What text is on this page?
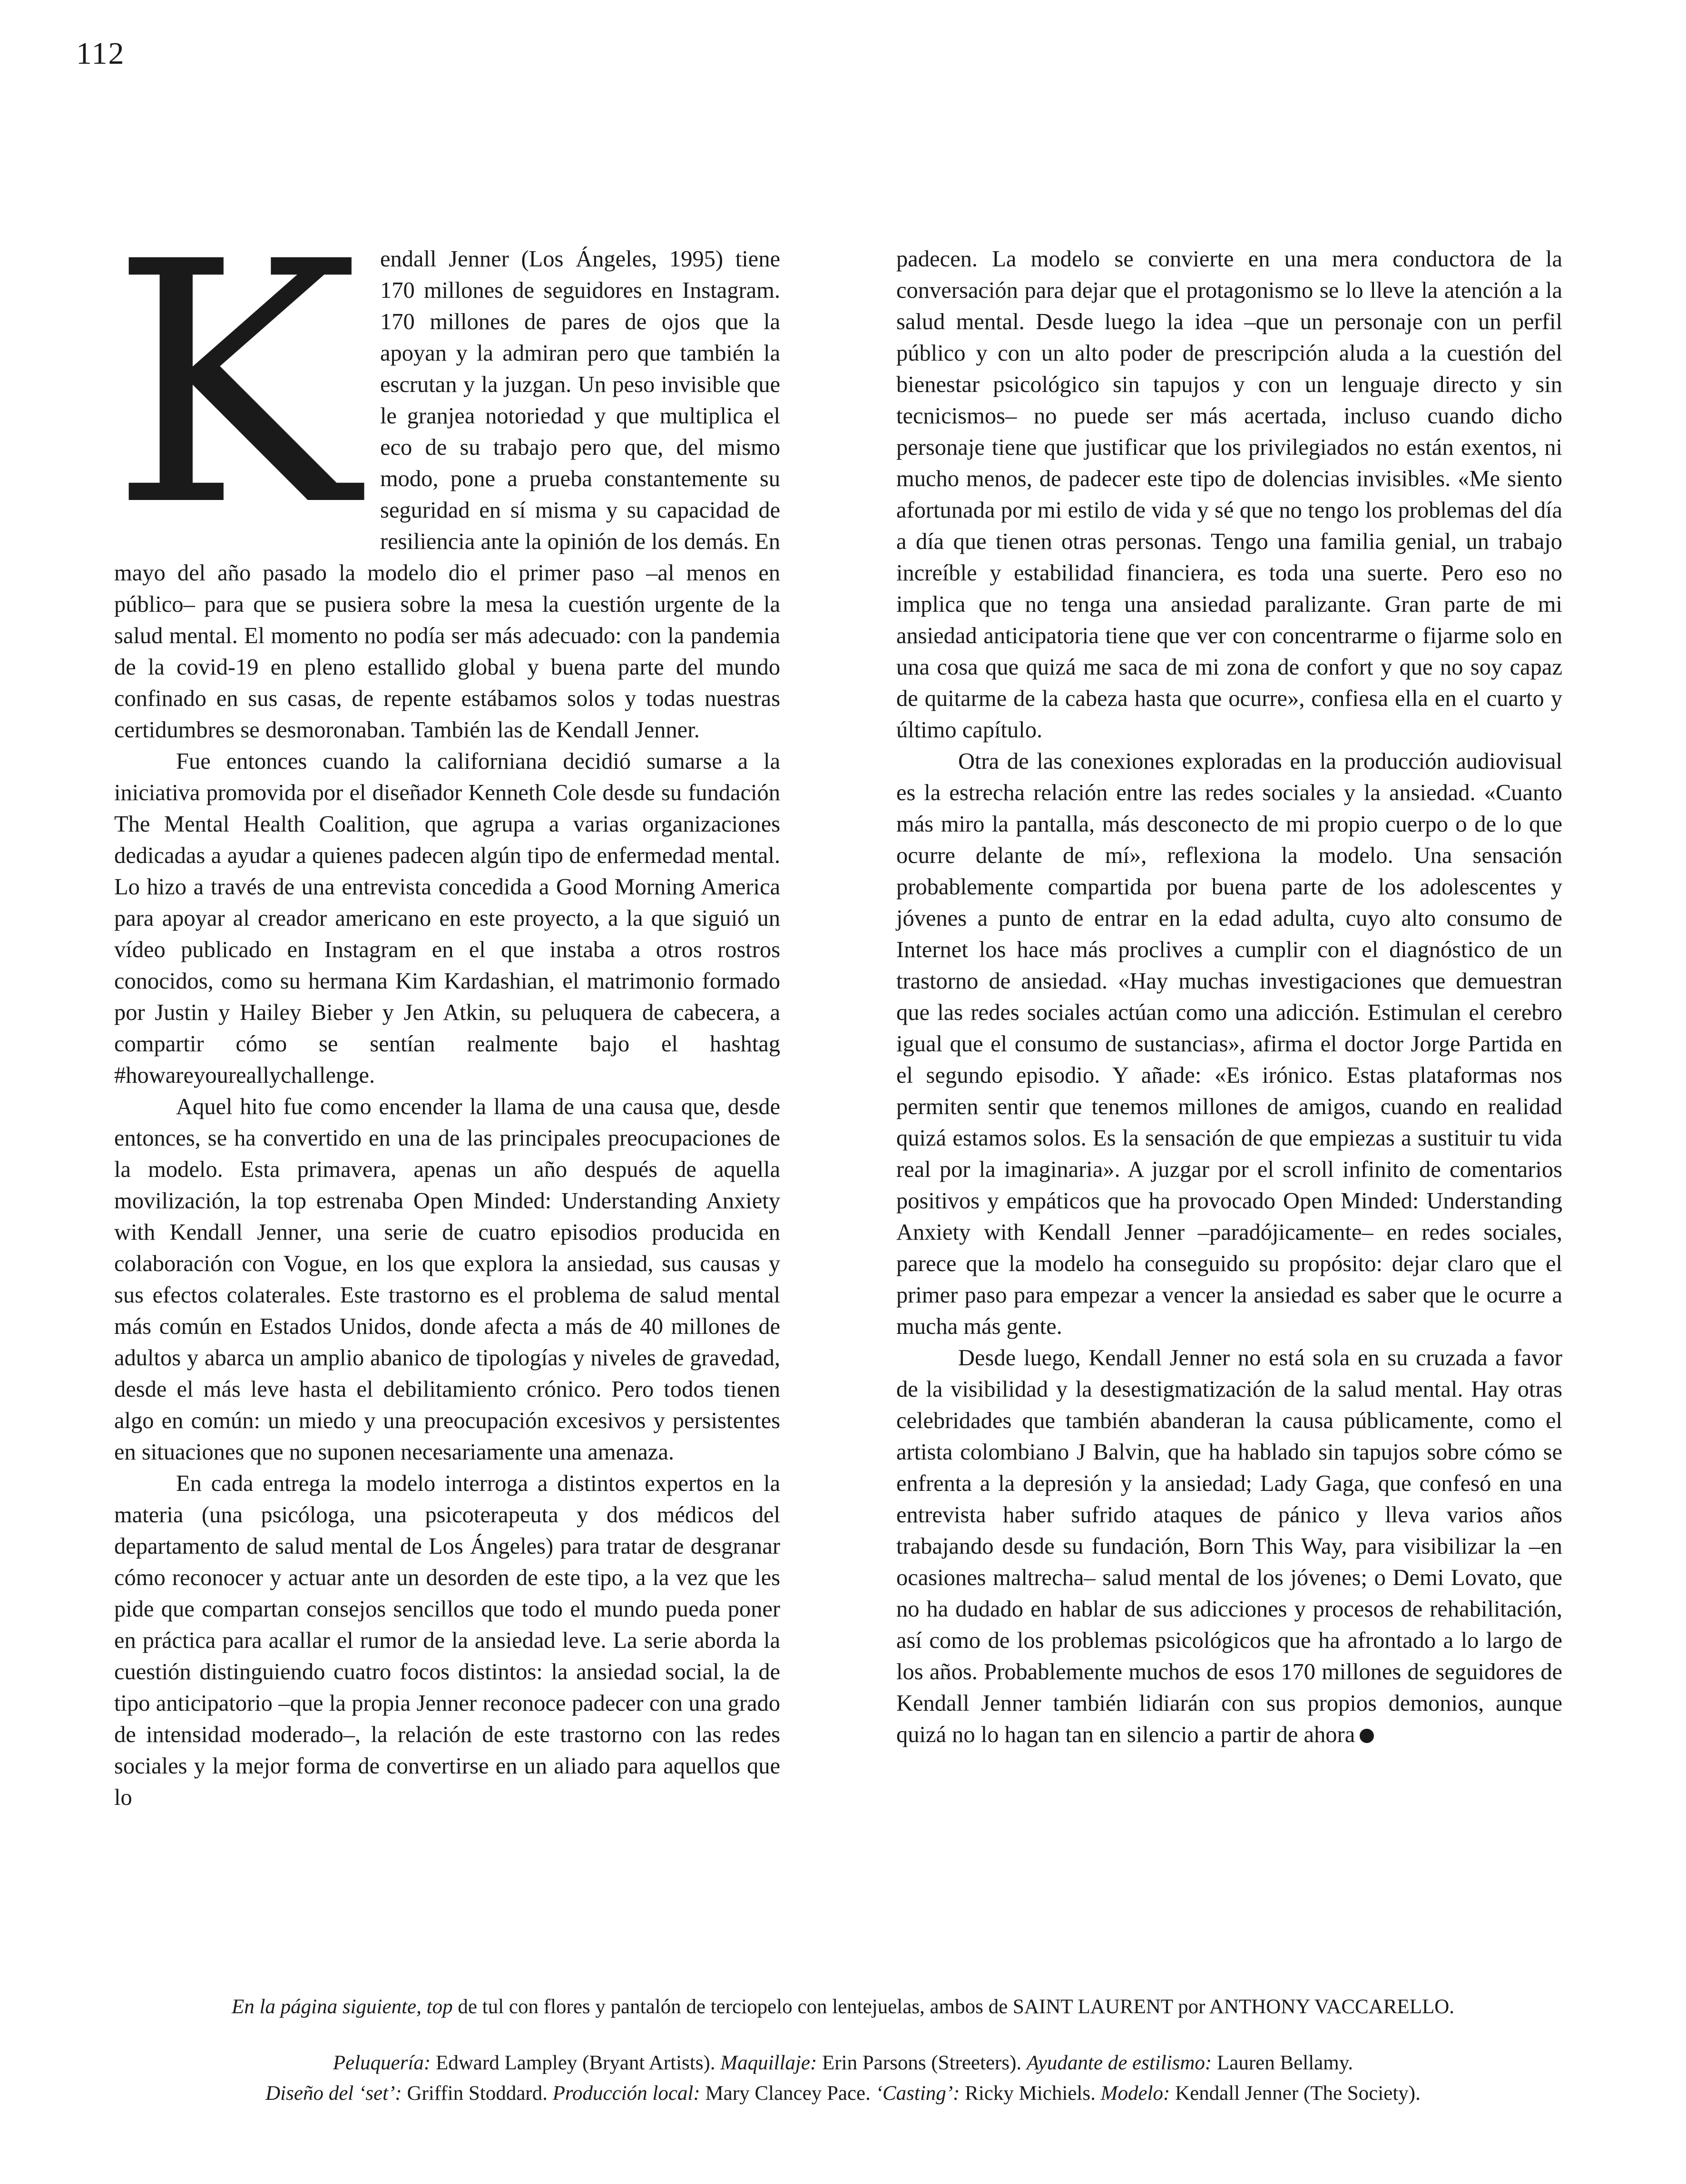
112

Kendall Jenner (Los Ángeles, 1995) tiene 170 millones de seguidores en Instagram. 170 millones de pares de ojos que la apoyan y la admiran pero que también la escrutan y la juzgan. Un peso invisible que le granjea notoriedad y que multiplica el eco de su trabajo pero que, del mismo modo, pone a prueba constantemente su seguridad en sí misma y su capacidad de resiliencia ante la opinión de los demás. En mayo del año pasado la modelo dio el primer paso –al menos en público– para que se pusiera sobre la mesa la cuestión urgente de la salud mental. El momento no podía ser más adecuado: con la pandemia de la covid-19 en pleno estallido global y buena parte del mundo confinado en sus casas, de repente estábamos solos y todas nuestras certidumbres se desmoronaban. También las de Kendall Jenner.

Fue entonces cuando la californiana decidió sumarse a la iniciativa promovida por el diseñador Kenneth Cole desde su fundación The Mental Health Coalition, que agrupa a varias organizaciones dedicadas a ayudar a quienes padecen algún tipo de enfermedad mental. Lo hizo a través de una entrevista concedida a Good Morning America para apoyar al creador americano en este proyecto, a la que siguió un vídeo publicado en Instagram en el que instaba a otros rostros conocidos, como su hermana Kim Kardashian, el matrimonio formado por Justin y Hailey Bieber y Jen Atkin, su peluquera de cabecera, a compartir cómo se sentían realmente bajo el hashtag #howareyoureallychallenge.

Aquel hito fue como encender la llama de una causa que, desde entonces, se ha convertido en una de las principales preocupaciones de la modelo. Esta primavera, apenas un año después de aquella movilización, la top estrenaba Open Minded: Understanding Anxiety with Kendall Jenner, una serie de cuatro episodios producida en colaboración con Vogue, en los que explora la ansiedad, sus causas y sus efectos colaterales. Este trastorno es el problema de salud mental más común en Estados Unidos, donde afecta a más de 40 millones de adultos y abarca un amplio abanico de tipologías y niveles de gravedad, desde el más leve hasta el debilitamiento crónico. Pero todos tienen algo en común: un miedo y una preocupación excesivos y persistentes en situaciones que no suponen necesariamente una amenaza.

En cada entrega la modelo interroga a distintos expertos en la materia (una psicóloga, una psicoterapeuta y dos médicos del departamento de salud mental de Los Ángeles) para tratar de desgranar cómo reconocer y actuar ante un desorden de este tipo, a la vez que les pide que compartan consejos sencillos que todo el mundo pueda poner en práctica para acallar el rumor de la ansiedad leve. La serie aborda la cuestión distinguiendo cuatro focos distintos: la ansiedad social, la de tipo anticipatorio –que la propia Jenner reconoce padecer con una grado de intensidad moderado–, la relación de este trastorno con las redes sociales y la mejor forma de convertirse en un aliado para aquellos que lo

padecen. La modelo se convierte en una mera conductora de la conversación para dejar que el protagonismo se lo lleve la atención a la salud mental. Desde luego la idea –que un personaje con un perfil público y con un alto poder de prescripción aluda a la cuestión del bienestar psicológico sin tapujos y con un lenguaje directo y sin tecnicismos– no puede ser más acertada, incluso cuando dicho personaje tiene que justificar que los privilegiados no están exentos, ni mucho menos, de padecer este tipo de dolencias invisibles. «Me siento afortunada por mi estilo de vida y sé que no tengo los problemas del día a día que tienen otras personas. Tengo una familia genial, un trabajo increíble y estabilidad financiera, es toda una suerte. Pero eso no implica que no tenga una ansiedad paralizante. Gran parte de mi ansiedad anticipatoria tiene que ver con concentrarme o fijarme solo en una cosa que quizá me saca de mi zona de confort y que no soy capaz de quitarme de la cabeza hasta que ocurre», confiesa ella en el cuarto y último capítulo.

Otra de las conexiones exploradas en la producción audiovisual es la estrecha relación entre las redes sociales y la ansiedad. «Cuanto más miro la pantalla, más desconecto de mi propio cuerpo o de lo que ocurre delante de mí», reflexiona la modelo. Una sensación probablemente compartida por buena parte de los adolescentes y jóvenes a punto de entrar en la edad adulta, cuyo alto consumo de Internet los hace más proclives a cumplir con el diagnóstico de un trastorno de ansiedad. «Hay muchas investigaciones que demuestran que las redes sociales actúan como una adicción. Estimulan el cerebro igual que el consumo de sustancias», afirma el doctor Jorge Partida en el segundo episodio. Y añade: «Es irónico. Estas plataformas nos permiten sentir que tenemos millones de amigos, cuando en realidad quizá estamos solos. Es la sensación de que empiezas a sustituir tu vida real por la imaginaria». A juzgar por el scroll infinito de comentarios positivos y empáticos que ha provocado Open Minded: Understanding Anxiety with Kendall Jenner –paradójicamente– en redes sociales, parece que la modelo ha conseguido su propósito: dejar claro que el primer paso para empezar a vencer la ansiedad es saber que le ocurre a mucha más gente.

Desde luego, Kendall Jenner no está sola en su cruzada a favor de la visibilidad y la desestigmatización de la salud mental. Hay otras celebridades que también abanderan la causa públicamente, como el artista colombiano J Balvin, que ha hablado sin tapujos sobre cómo se enfrenta a la depresión y la ansiedad; Lady Gaga, que confesó en una entrevista haber sufrido ataques de pánico y lleva varios años trabajando desde su fundación, Born This Way, para visibilizar la –en ocasiones maltrecha– salud mental de los jóvenes; o Demi Lovato, que no ha dudado en hablar de sus adicciones y procesos de rehabilitación, así como de los problemas psicológicos que ha afrontado a lo largo de los años. Probablemente muchos de esos 170 millones de seguidores de Kendall Jenner también lidiarán con sus propios demonios, aunque quizá no lo hagan tan en silencio a partir de ahora

En la página siguiente, top de tul con flores y pantalón de terciopelo con lentejuelas, ambos de SAINT LAURENT por ANTHONY VACCARELLO.
Peluquería: Edward Lampley (Bryant Artists). Maquillaje: Erin Parsons (Streeters). Ayudante de estilismo: Lauren Bellamy.
Diseño del ‘set’: Griffin Stoddard. Producción local: Mary Clancey Pace. ‘Casting’: Ricky Michiels. Modelo: Kendall Jenner (The Society).
